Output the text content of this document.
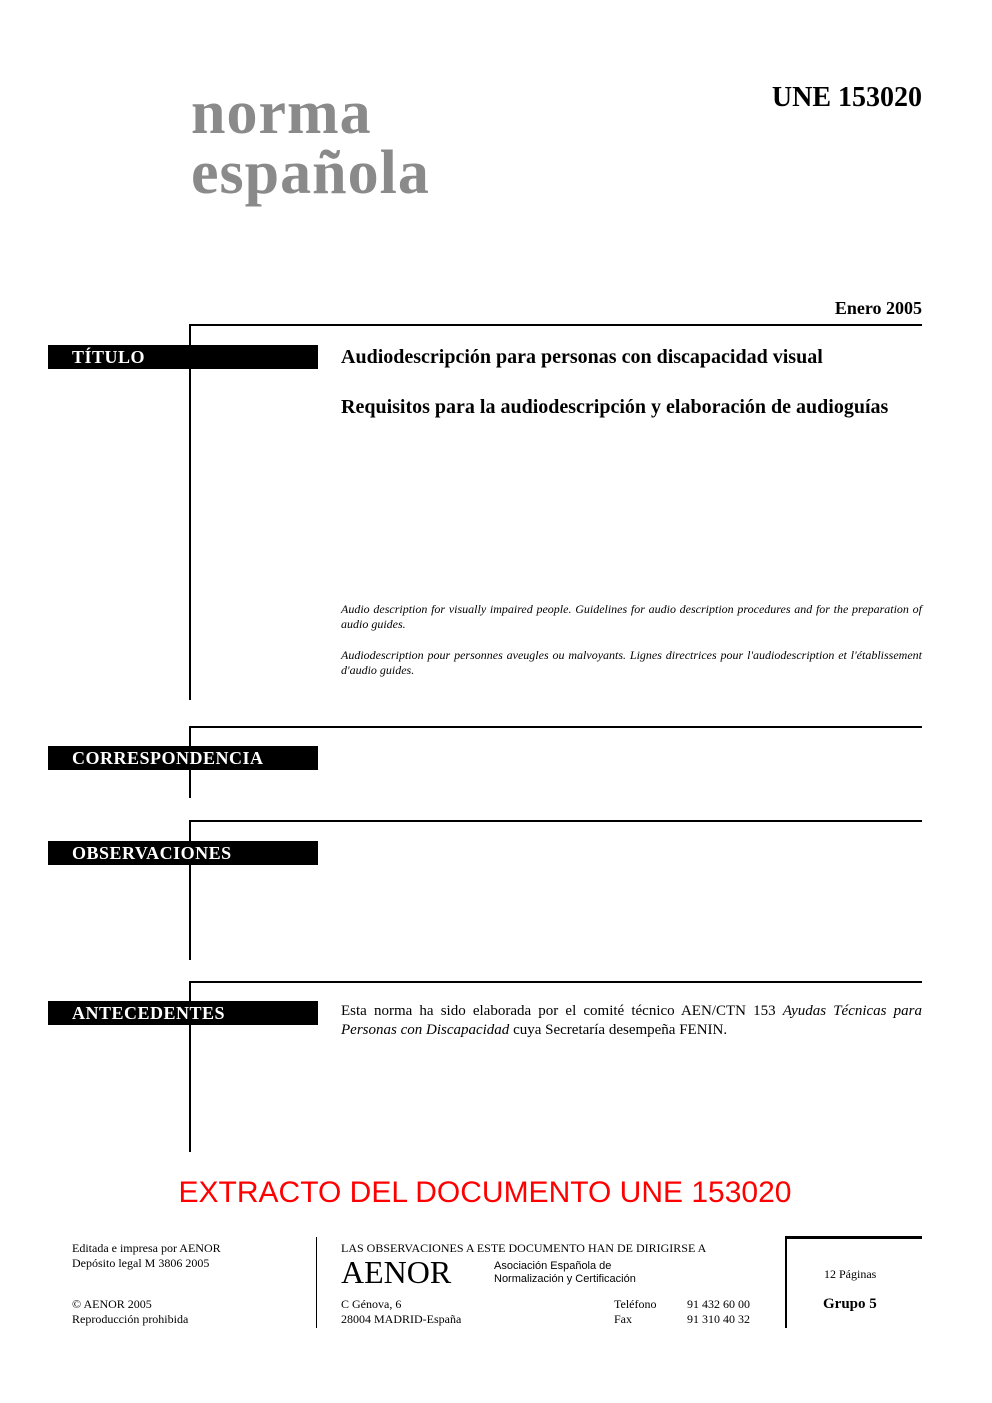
norma
española
UNE 153020
Enero 2005
TÍTULO	Audiodescripción para personas con discapacidad visual
Requisitos para la audiodescripción y elaboración de audioguías
Audio description for visually impaired people. Guidelines for audio description procedures and for the preparation of audio guides.
Audiodescription pour personnes aveugles ou malvoyants. Lignes directrices pour l'audiodescription et l'établissement d'audio guides.
CORRESPONDENCIA
OBSERVACIONES
ANTECEDENTES	Esta norma ha sido elaborada por el comité técnico AEN/CTN 153 Ayudas Técnicas para Personas con Discapacidad cuya Secretaría desempeña FENIN.
EXTRACTO DEL DOCUMENTO UNE 153020
Editada e impresa por AENOR
Depósito legal M 3806 2005
© AENOR 2005
Reproducción prohibida
LAS OBSERVACIONES A ESTE DOCUMENTO HAN DE DIRIGIRSE A
AENOR	Asociación Española de
Normalización y Certificación
C Génova, 6
28004 MADRID-España
Teléfono	91 432 60 00
Fax	91 310 40 32
12 Páginas
Grupo 5
